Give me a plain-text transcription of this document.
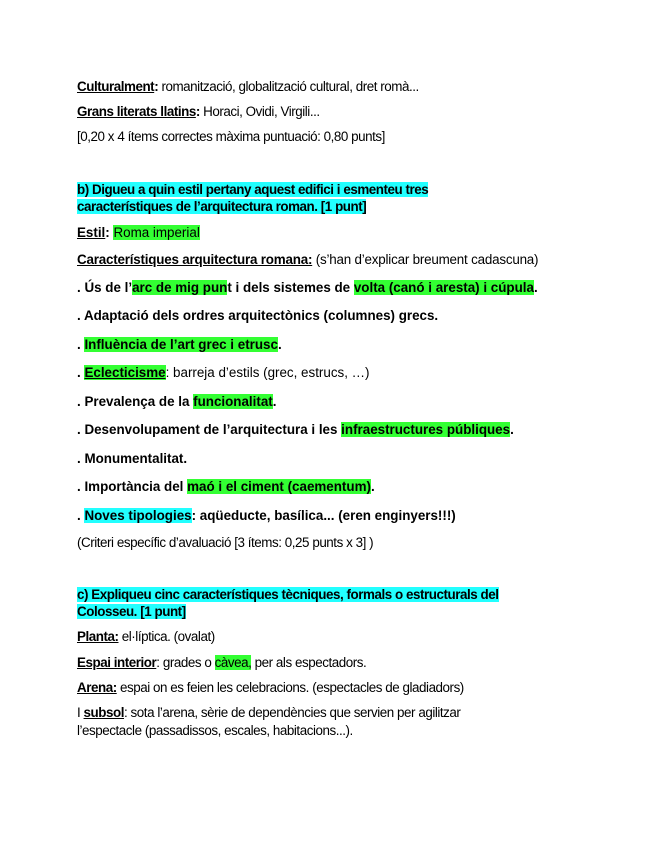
Culturalment: romanització, globalització cultural, dret romà...
Grans literats llatins: Horaci, Ovidi, Virgili...
[0,20 x 4 ítems correctes màxima puntuació: 0,80 punts]
b) Digueu a quin estil pertany aquest edifici i esmenteu tres
característiques de l’arquitectura roman. [1 punt]
Estil: Roma imperial
Característiques arquitectura romana: (s’han d’explicar breument cadascuna)
. Ús de l’arc de mig punt i dels sistemes de volta (canó i aresta) i cúpula.
. Adaptació dels ordres arquitectònics (columnes) grecs.
. Influència de l’art grec i etrusc.
. Eclecticisme: barreja d’estils (grec, estrucs, …)
. Prevalença de la funcionalitat.
. Desenvolupament de l’arquitectura i les infraestructures públiques.
. Monumentalitat.
. Importància del maó i el ciment (caementum).
. Noves tipologies: aqüeducte, basílica... (eren enginyers!!!)
(Criteri específic d’avaluació [3 ítems: 0,25 punts x 3] )
c) Expliqueu cinc característiques tècniques, formals o estructurals del
Colosseu. [1 punt]
Planta: el·líptica. (ovalat)
Espai interior: grades o càvea, per als espectadors.
Arena: espai on es feien les celebracions. (espectacles de gladiadors)
I subsol: sota l’arena, sèrie de dependències que servien per agilitzar
l’espectacle (passadissos, escales, habitacions...).
